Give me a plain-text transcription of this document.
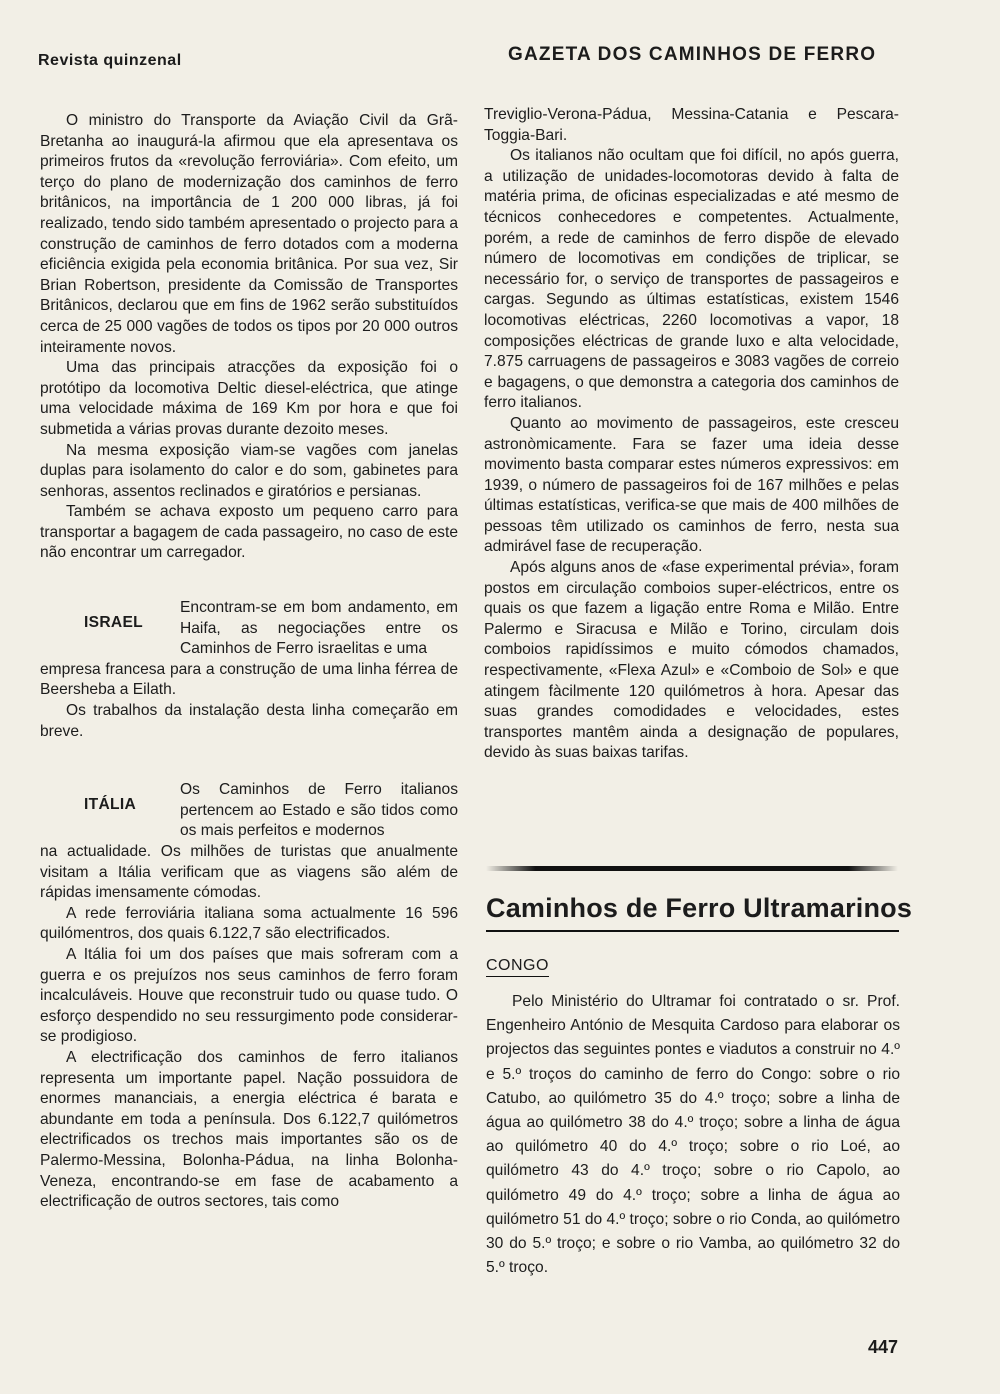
Revista quinzenal	GAZETA DOS CAMINHOS DE FERRO

O ministro do Transporte da Aviação Civil da Grã-Bretanha ao inaugurá-la afirmou que ela apresentava os primeiros frutos da «revolução ferroviária». Com efeito, um terço do plano de modernização dos caminhos de ferro britânicos, na importância de 1 200 000 libras, já foi realizado, tendo sido também apresentado o projecto para a construção de caminhos de ferro dotados com a moderna eficiência exigida pela economia britânica. Por sua vez, Sir Brian Robertson, presidente da Comissão de Transportes Britânicos, declarou que em fins de 1962 serão substituídos cerca de 25 000 vagões de todos os tipos por 20 000 outros inteiramente novos.

Uma das principais atracções da exposição foi o protótipo da locomotiva Deltic diesel-eléctrica, que atinge uma velocidade máxima de 169 Km por hora e que foi submetida a várias provas durante dezoito meses.

Na mesma exposição viam-se vagões com janelas duplas para isolamento do calor e do som, gabinetes para senhoras, assentos reclinados e giratórios e persianas.

Também se achava exposto um pequeno carro para transportar a bagagem de cada passageiro, no caso de este não encontrar um carregador.

ISRAEL
Encontram-se em bom andamento, em Haifa, as negociações entre os Caminhos de Ferro israelitas e uma

empresa francesa para a construção de uma linha férrea de Beersheba a Eilath.

Os trabalhos da instalação desta linha começarão em breve.

ITÁLIA
Os Caminhos de Ferro italianos pertencem ao Estado e são tidos como os mais perfeitos e modernos

na actualidade. Os milhões de turistas que anualmente visitam a Itália verificam que as viagens são além de rápidas imensamente cómodas.

A rede ferroviária italiana soma actualmente 16 596 quilómentros, dos quais 6.122,7 são electrificados.

A Itália foi um dos países que mais sofreram com a guerra e os prejuízos nos seus caminhos de ferro foram incalculáveis. Houve que reconstruir tudo ou quase tudo. O esforço despendido no seu ressurgimento pode considerar-se prodigioso.

A electrificação dos caminhos de ferro italianos representa um importante papel. Nação possuidora de enormes mananciais, a energia eléctrica é barata e abundante em toda a península. Dos 6.122,7 quilómetros electrificados os trechos mais importantes são os de Palermo-Messina, Bolonha-Pádua, na linha Bolonha-Veneza, encontrando-se em fase de acabamento a electrificação de outros sectores, tais como

Treviglio-Verona-Pádua, Messina-Catania e Pescara-Toggia-Bari.

Os italianos não ocultam que foi difícil, no após guerra, a utilização de unidades-locomotoras devido à falta de matéria prima, de oficinas especializadas e até mesmo de técnicos conhecedores e competentes. Actualmente, porém, a rede de caminhos de ferro dispõe de elevado número de locomotivas em condições de triplicar, se necessário for, o serviço de transportes de passageiros e cargas. Segundo as últimas estatísticas, existem 1546 locomotivas eléctricas, 2260 locomotivas a vapor, 18 composições eléctricas de grande luxo e alta velocidade, 7.875 carruagens de passageiros e 3083 vagões de correio e bagagens, o que demonstra a categoria dos caminhos de ferro italianos.

Quanto ao movimento de passageiros, este cresceu astronòmicamente. Fara se fazer uma ideia desse movimento basta comparar estes números expressivos: em 1939, o número de passageiros foi de 167 milhões e pelas últimas estatísticas, verifica-se que mais de 400 milhões de pessoas têm utilizado os caminhos de ferro, nesta sua admirável fase de recuperação.

Após alguns anos de «fase experimental prévia», foram postos em circulação comboios super-eléctricos, entre os quais os que fazem a ligação entre Roma e Milão. Entre Palermo e Siracusa e Milão e Torino, circulam dois comboios rapidíssimos e muito cómodos chamados, respectivamente, «Flexa Azul» e «Comboio de Sol» e que atingem fàcilmente 120 quilómetros à hora. Apesar das suas grandes comodidades e velocidades, estes transportes mantêm ainda a designação de populares, devido às suas baixas tarifas.

Caminhos de Ferro Ultramarinos
CONGO

Pelo Ministério do Ultramar foi contratado o sr. Prof. Engenheiro António de Mesquita Cardoso para elaborar os projectos das seguintes pontes e viadutos a construir no 4.º e 5.º troços do caminho de ferro do Congo: sobre o rio Catubo, ao quilómetro 35 do 4.º troço; sobre a linha de água ao quilómetro 38 do 4.º troço; sobre a linha de água ao quilómetro 40 do 4.º troço; sobre o rio Loé, ao quilómetro 43 do 4.º troço; sobre o rio Capolo, ao quilómetro 49 do 4.º troço; sobre a linha de água ao quilómetro 51 do 4.º troço; sobre o rio Conda, ao quilómetro 30 do 5.º troço; e sobre o rio Vamba, ao quilómetro 32 do 5.º troço.

447
